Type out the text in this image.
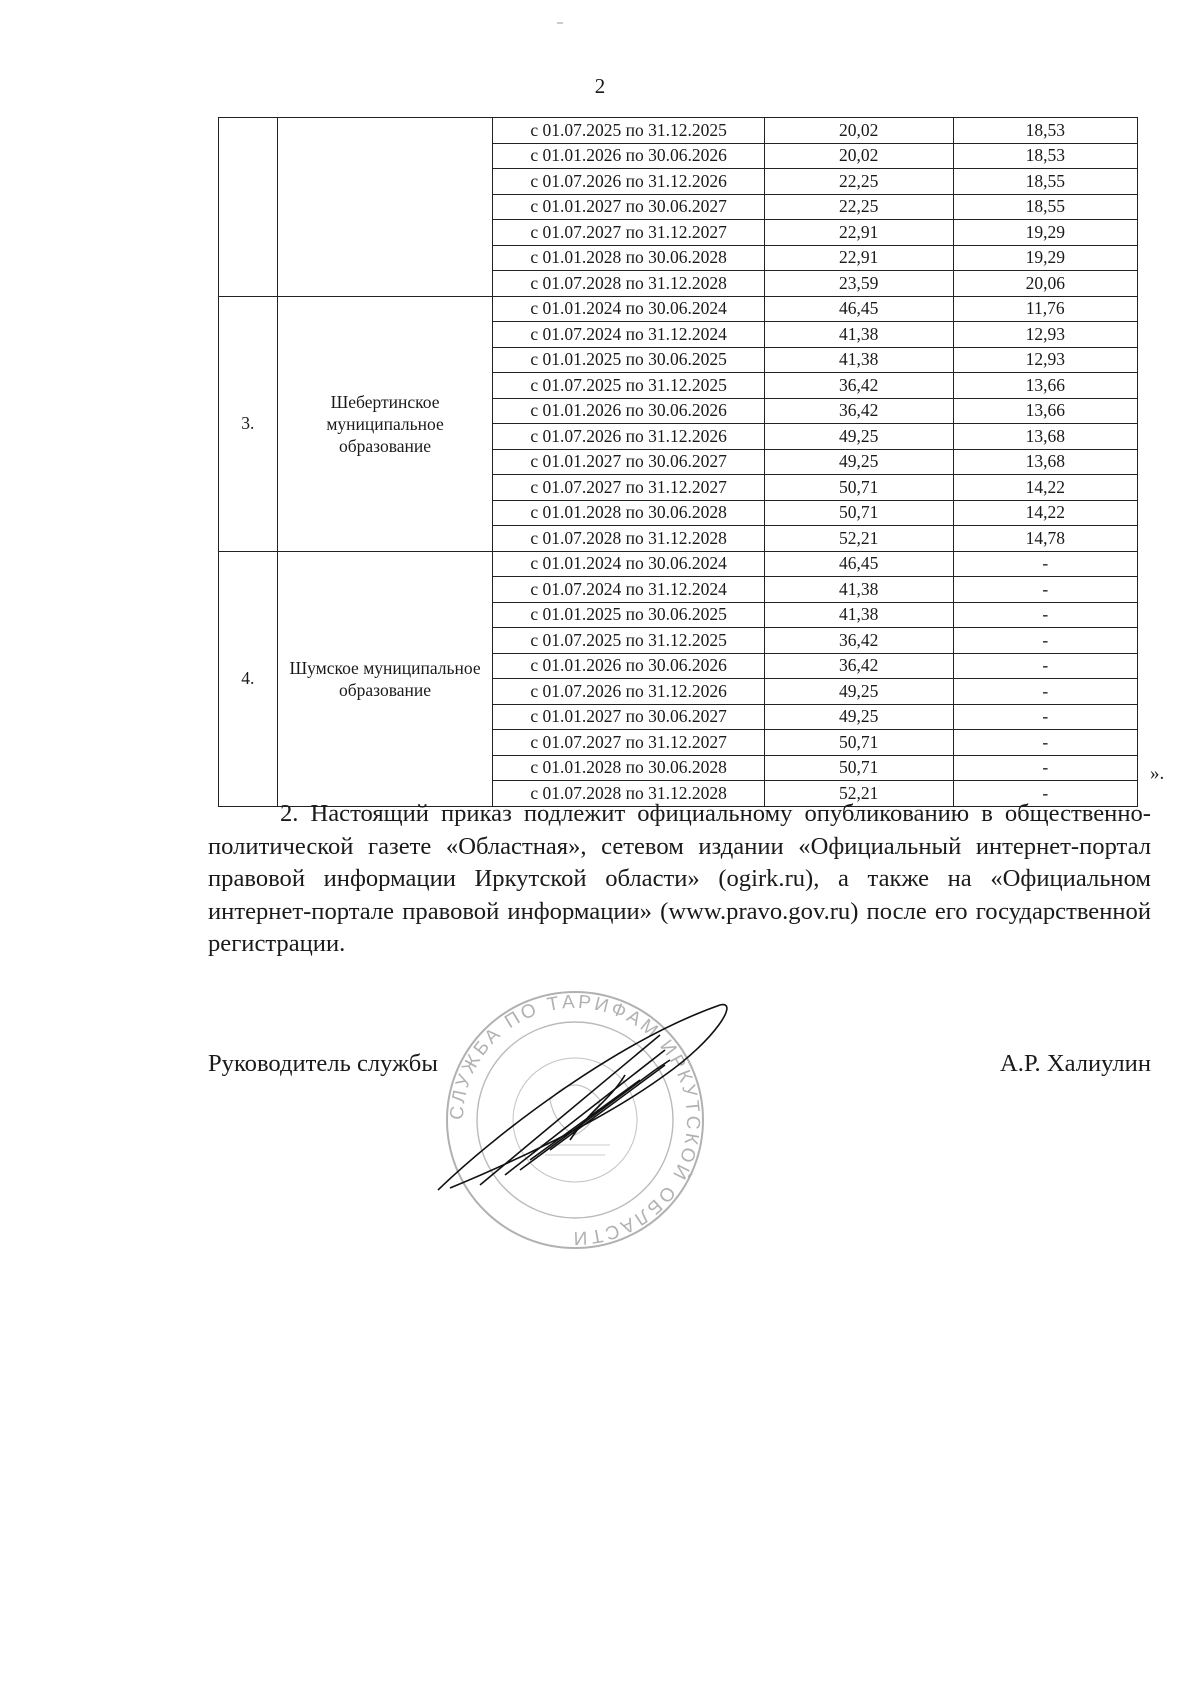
2
		с 01.07.2025 по 31.12.2025	20,02	18,53
		с 01.01.2026 по 30.06.2026	20,02	18,53
		с 01.07.2026 по 31.12.2026	22,25	18,55
		с 01.01.2027 по 30.06.2027	22,25	18,55
		с 01.07.2027 по 31.12.2027	22,91	19,29
		с 01.01.2028 по 30.06.2028	22,91	19,29
		с 01.07.2028 по 31.12.2028	23,59	20,06
3.	Шебертинское муниципальное образование	с 01.01.2024 по 30.06.2024	46,45	11,76
		с 01.07.2024 по 31.12.2024	41,38	12,93
		с 01.01.2025 по 30.06.2025	41,38	12,93
		с 01.07.2025 по 31.12.2025	36,42	13,66
		с 01.01.2026 по 30.06.2026	36,42	13,66
		с 01.07.2026 по 31.12.2026	49,25	13,68
		с 01.01.2027 по 30.06.2027	49,25	13,68
		с 01.07.2027 по 31.12.2027	50,71	14,22
		с 01.01.2028 по 30.06.2028	50,71	14,22
		с 01.07.2028 по 31.12.2028	52,21	14,78
4.	Шумское муниципальное образование	с 01.01.2024 по 30.06.2024	46,45	-
		с 01.07.2024 по 31.12.2024	41,38	-
		с 01.01.2025 по 30.06.2025	41,38	-
		с 01.07.2025 по 31.12.2025	36,42	-
		с 01.01.2026 по 30.06.2026	36,42	-
		с 01.07.2026 по 31.12.2026	49,25	-
		с 01.01.2027 по 30.06.2027	49,25	-
		с 01.07.2027 по 31.12.2027	50,71	-
		с 01.01.2028 по 30.06.2028	50,71	-
		с 01.07.2028 по 31.12.2028	52,21	-
».
2. Настоящий приказ подлежит официальному опубликованию в общественно-политической газете «Областная», сетевом издании «Официальный интернет-портал правовой информации Иркутской области» (ogirk.ru), а также на «Официальном интернет-портале правовой информации» (www.pravo.gov.ru) после его государственной регистрации.
Руководитель службы	А.Р. Халиулин
СЛУЖБА ПО ТАРИФАМ ИРКУТСКОЙ ОБЛАСТИ
